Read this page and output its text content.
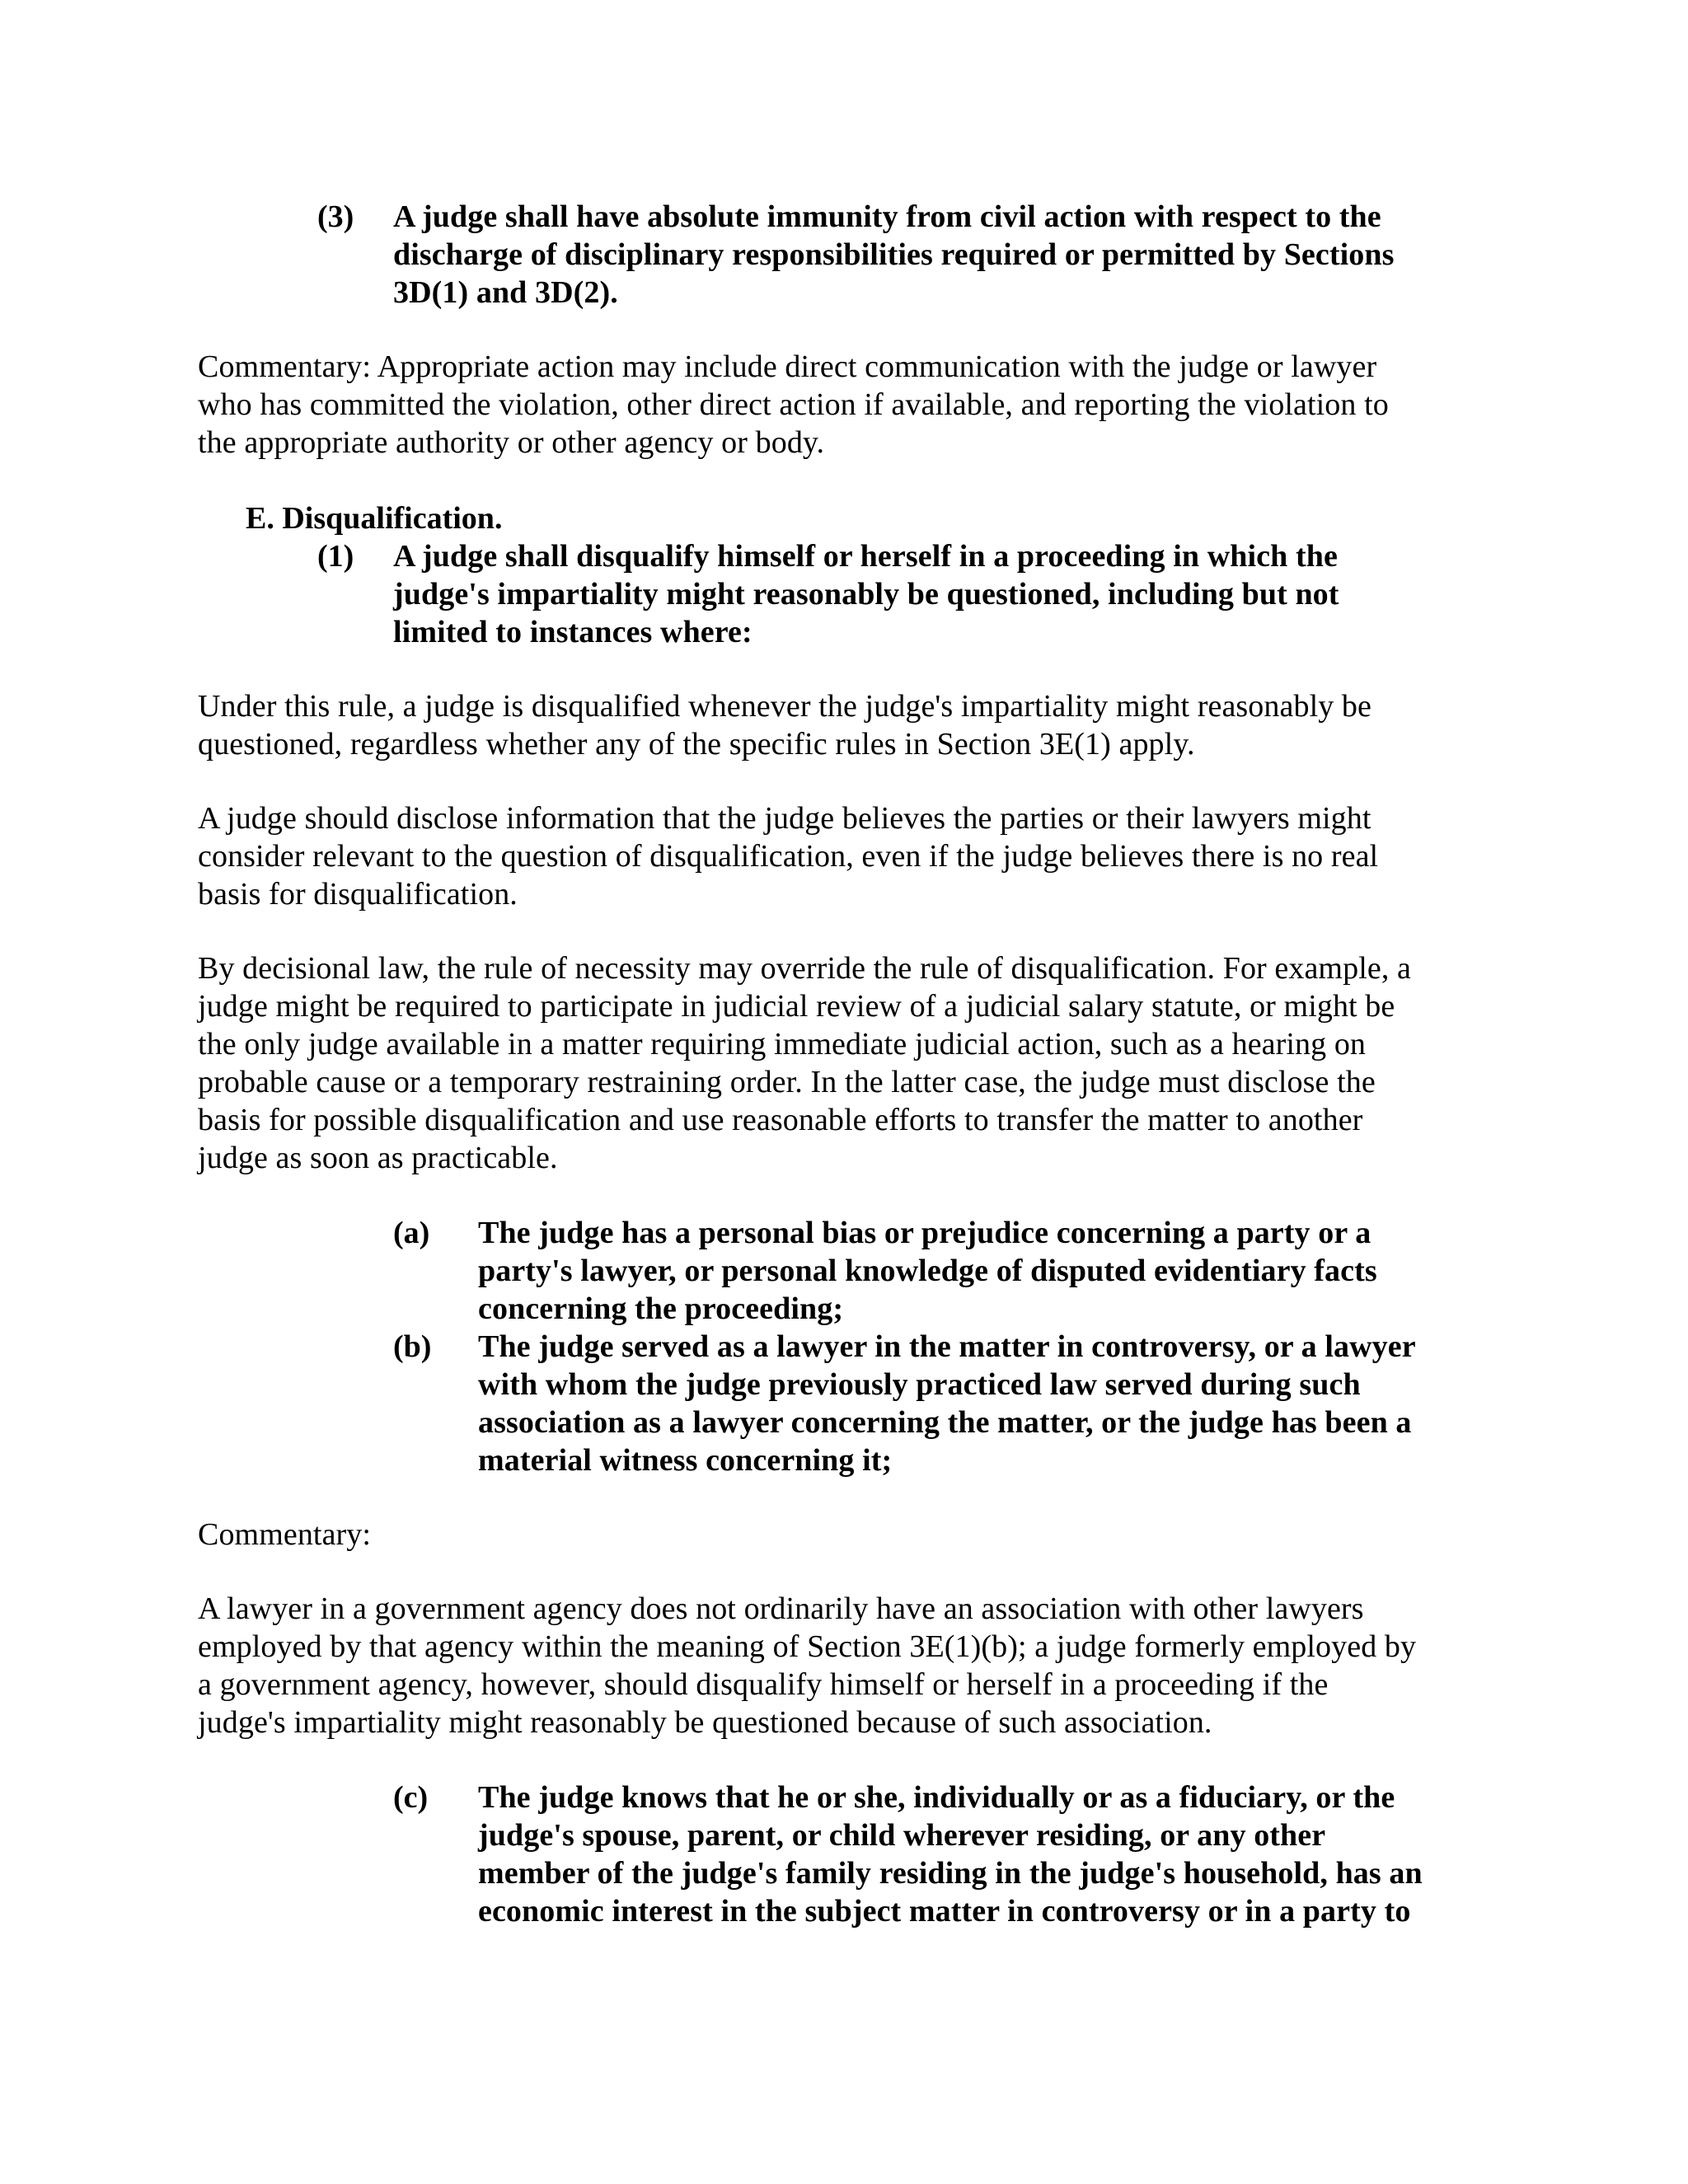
(3) A judge shall have absolute immunity from civil action with respect to the
discharge of disciplinary responsibilities required or permitted by Sections
3D(1) and 3D(2).
Commentary: Appropriate action may include direct communication with the judge or lawyer
who has committed the violation, other direct action if available, and reporting the violation to
the appropriate authority or other agency or body.
E. Disqualification.
(1) A judge shall disqualify himself or herself in a proceeding in which the
judge's impartiality might reasonably be questioned, including but not
limited to instances where:
Under this rule, a judge is disqualified whenever the judge's impartiality might reasonably be
questioned, regardless whether any of the specific rules in Section 3E(1) apply.
A judge should disclose information that the judge believes the parties or their lawyers might
consider relevant to the question of disqualification, even if the judge believes there is no real
basis for disqualification.
By decisional law, the rule of necessity may override the rule of disqualification. For example, a
judge might be required to participate in judicial review of a judicial salary statute, or might be
the only judge available in a matter requiring immediate judicial action, such as a hearing on
probable cause or a temporary restraining order. In the latter case, the judge must disclose the
basis for possible disqualification and use reasonable efforts to transfer the matter to another
judge as soon as practicable.
(a) The judge has a personal bias or prejudice concerning a party or a
party's lawyer, or personal knowledge of disputed evidentiary facts
concerning the proceeding;
(b) The judge served as a lawyer in the matter in controversy, or a lawyer
with whom the judge previously practiced law served during such
association as a lawyer concerning the matter, or the judge has been a
material witness concerning it;
Commentary:
A lawyer in a government agency does not ordinarily have an association with other lawyers
employed by that agency within the meaning of Section 3E(1)(b); a judge formerly employed by
a government agency, however, should disqualify himself or herself in a proceeding if the
judge's impartiality might reasonably be questioned because of such association.
(c) The judge knows that he or she, individually or as a fiduciary, or the
judge's spouse, parent, or child wherever residing, or any other
member of the judge's family residing in the judge's household, has an
economic interest in the subject matter in controversy or in a party to
